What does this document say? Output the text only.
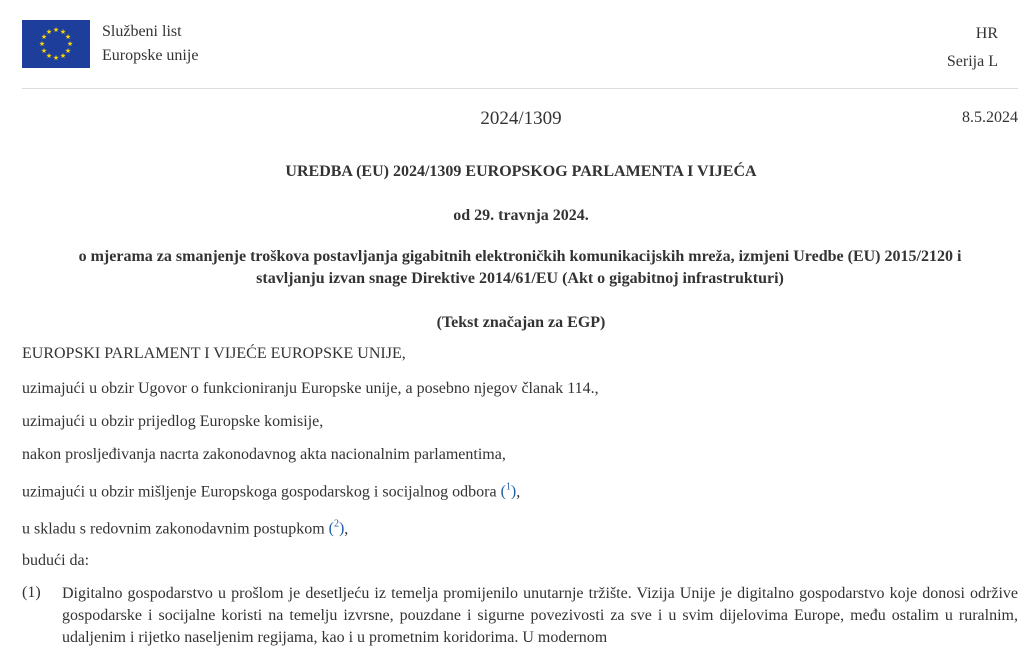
★ ★
★
★
★
★
★
★
★
★
★
★	Službeni list
Europske unije
HR
Serija L
2024/1309	8.5.2024
UREDBA (EU) 2024/1309 EUROPSKOG PARLAMENTA I VIJEĆA
od 29. travnja 2024.
o mjerama za smanjenje troškova postavljanja gigabitnih elektroničkih komunikacijskih mreža, izmjeni Uredbe (EU) 2015/2120 i stavljanju izvan snage Direktive 2014/61/EU (Akt o gigabitnoj infrastrukturi)
(Tekst značajan za EGP)
EUROPSKI PARLAMENT I VIJEĆE EUROPSKE UNIJE,
uzimajući u obzir Ugovor o funkcioniranju Europske unije, a posebno njegov članak 114.,
uzimajući u obzir prijedlog Europske komisije,
nakon prosljeđivanja nacrta zakonodavnog akta nacionalnim parlamentima,
uzimajući u obzir mišljenje Europskoga gospodarskog i socijalnog odbora ($^1$),
u skladu s redovnim zakonodavnim postupkom ($^2$),
budući da:
(1) Digitalno gospodarstvo u prošlom je desetljeću iz temelja promijenilo unutarnje tržište. Vizija Unije je digitalno gospodarstvo koje donosi održive gospodarske i socijalne koristi na temelju izvrsne, pouzdane i sigurne povezivosti za sve i u svim dijelovima Europe, među ostalim u ruralnim, udaljenim i rijetko naseljenim regijama, kao i u prometnim koridorima. U modernom
